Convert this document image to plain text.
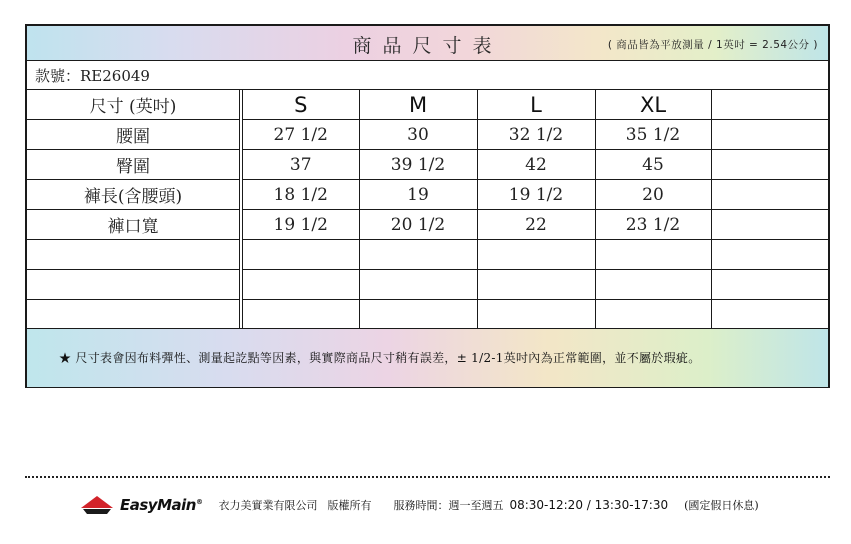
商品尺寸表	( 商品皆為平放測量 / 1英吋 = 2.54公分 )
款號：RE26049
尺寸 (英吋)	S	M	L	XL	
腰圍	27 1/2	30	32 1/2	35 1/2	
臀圍	37	39 1/2	42	45	
褲長(含腰頭)	18 1/2	19	19 1/2	20	
褲口寬	19 1/2	20 1/2	22	23 1/2	

★ 尺寸表會因布料彈性、測量起訖點等因素，與實際商品尺寸稍有誤差，± 1/2-1英吋內為正常範圍，並不屬於瑕疵。
EasyMain® 衣力美實業有限公司 版權所有 服務時間：週一至週五 08:30-12:20 / 13:30-17:30 (國定假日休息)
